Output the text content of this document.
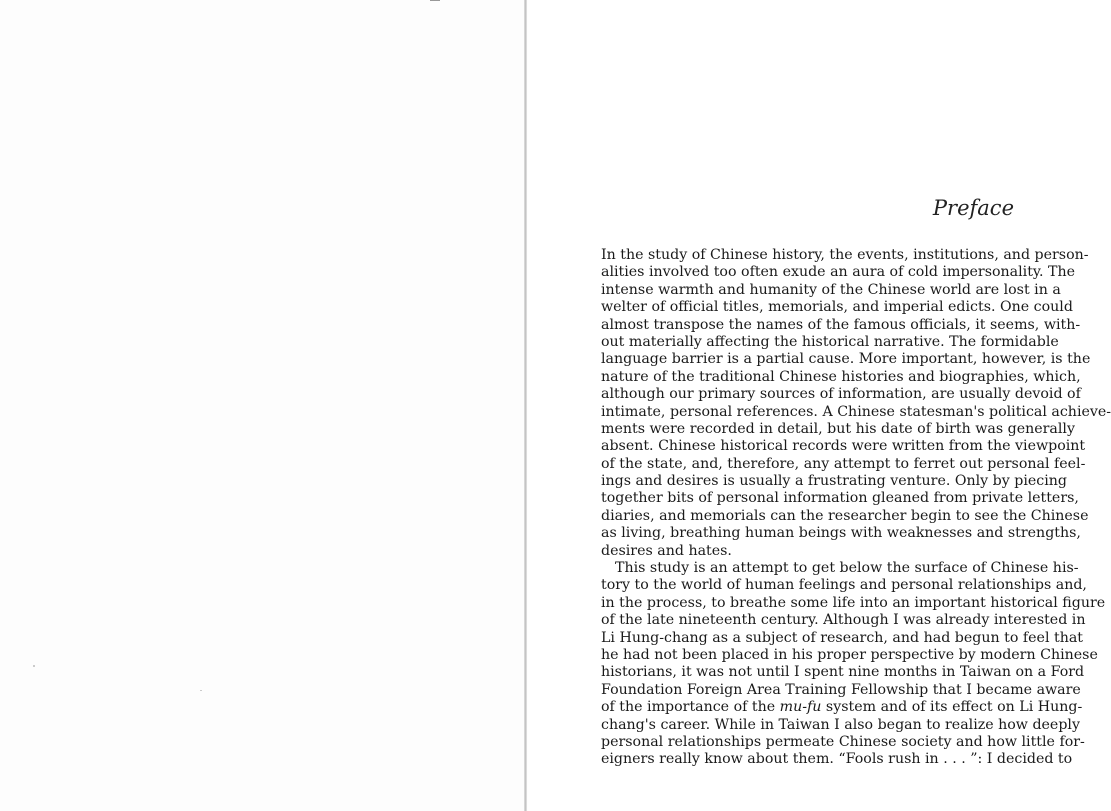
Preface
In the study of Chinese history, the events, institutions, and person-
alities involved too often exude an aura of cold impersonality. The
intense warmth and humanity of the Chinese world are lost in a
welter of official titles, memorials, and imperial edicts. One could
almost transpose the names of the famous officials, it seems, with-
out materially affecting the historical narrative. The formidable
language barrier is a partial cause. More important, however, is the
nature of the traditional Chinese histories and biographies, which,
although our primary sources of information, are usually devoid of
intimate, personal references. A Chinese statesman's political achieve-
ments were recorded in detail, but his date of birth was generally
absent. Chinese historical records were written from the viewpoint
of the state, and, therefore, any attempt to ferret out personal feel-
ings and desires is usually a frustrating venture. Only by piecing
together bits of personal information gleaned from private letters,
diaries, and memorials can the researcher begin to see the Chinese
as living, breathing human beings with weaknesses and strengths,
desires and hates.
This study is an attempt to get below the surface of Chinese his-
tory to the world of human feelings and personal relationships and,
in the process, to breathe some life into an important historical figure
of the late nineteenth century. Although I was already interested in
Li Hung-chang as a subject of research, and had begun to feel that
he had not been placed in his proper perspective by modern Chinese
historians, it was not until I spent nine months in Taiwan on a Ford
Foundation Foreign Area Training Fellowship that I became aware
of the importance of the mu-fu system and of its effect on Li Hung-
chang's career. While in Taiwan I also began to realize how deeply
personal relationships permeate Chinese society and how little for-
eigners really know about them. “Fools rush in . . . ”: I decided to
